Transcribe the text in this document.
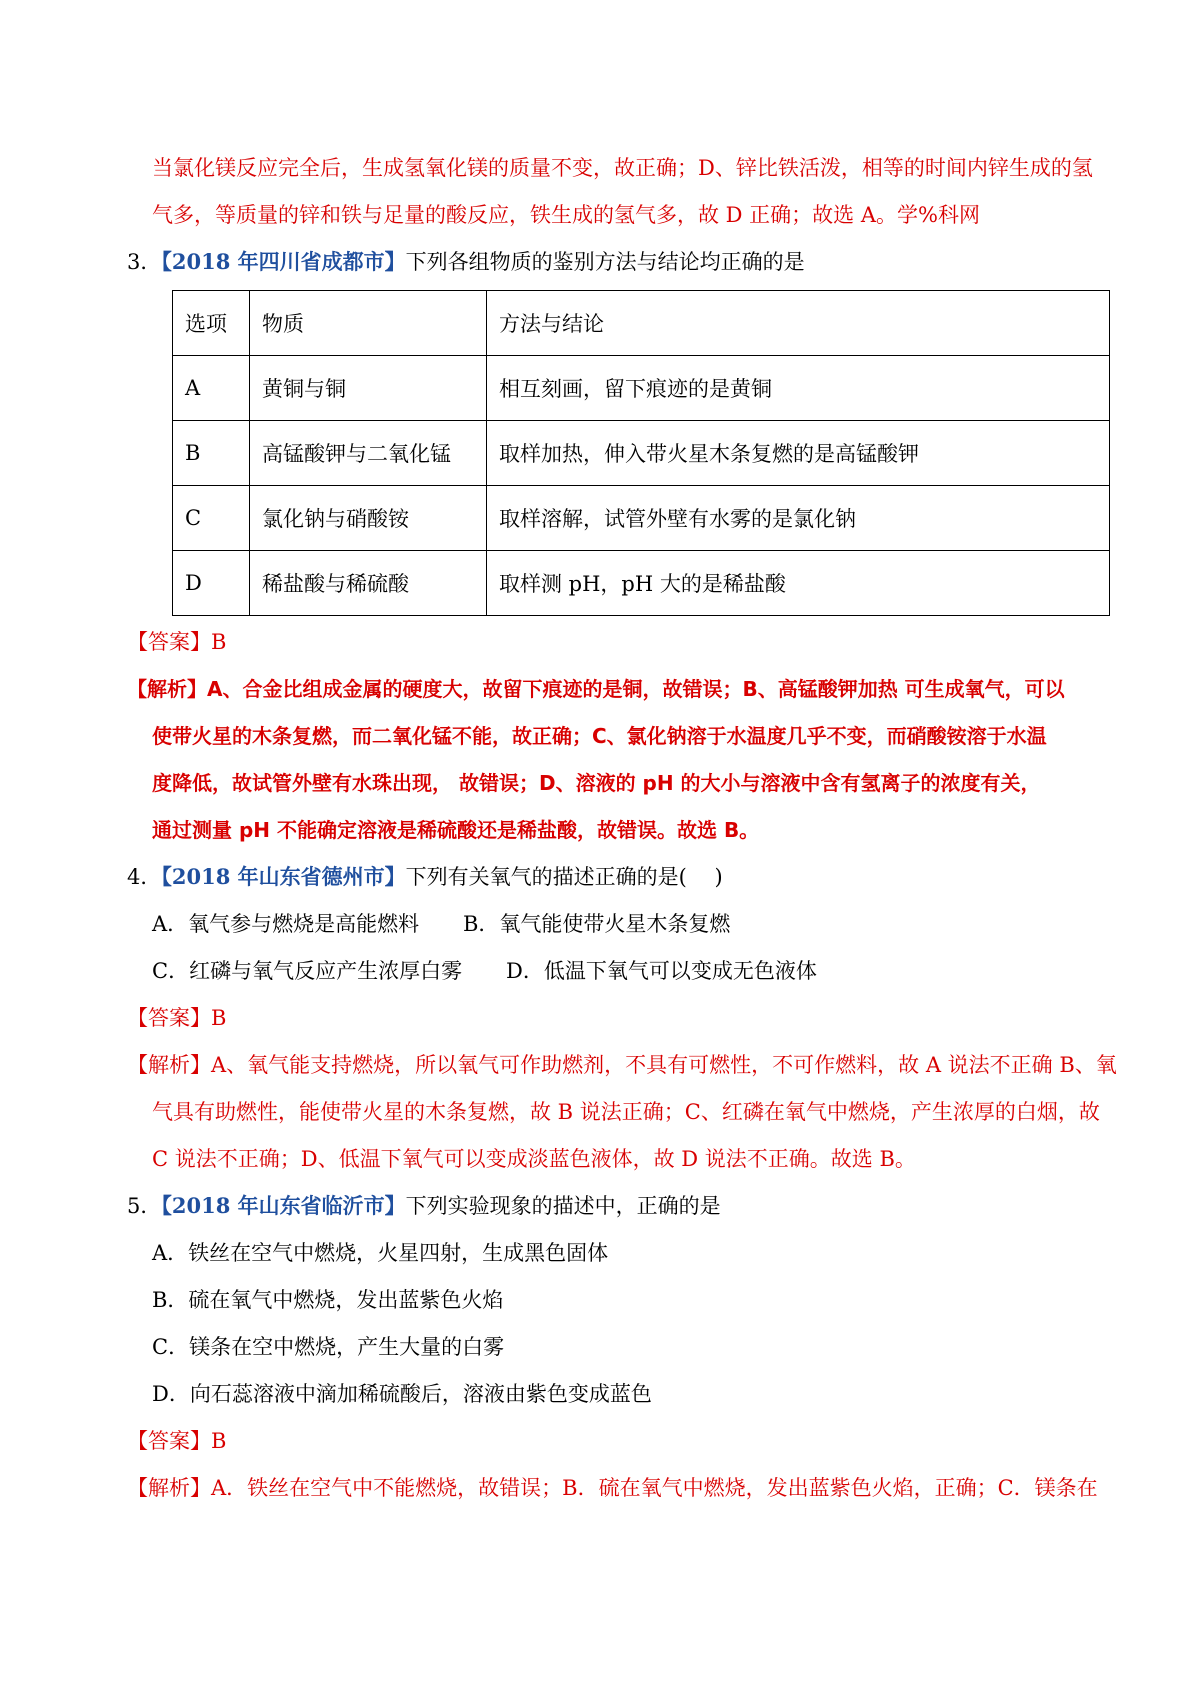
当氯化镁反应完全后，生成氢氧化镁的质量不变，故正确；D、锌比铁活泼，相等的时间内锌生成的氢
气多，等质量的锌和铁与足量的酸反应，铁生成的氢气多，故 D 正确；故选 A。学%科网
3．【2018 年四川省成都市】下列各组物质的鉴别方法与结论均正确的是
选项	物质	方法与结论
A	黄铜与铜	相互刻画，留下痕迹的是黄铜
B	高锰酸钾与二氧化锰	取样加热，伸入带火星木条复燃的是高锰酸钾
C	氯化钠与硝酸铵	取样溶解，试管外壁有水雾的是氯化钠
D	稀盐酸与稀硫酸	取样测 pH，pH 大的是稀盐酸
【答案】B
【解析】A、合金比组成金属的硬度大，故留下痕迹的是铜，故错误；B、高锰酸钾加热 可生成氧气，可以
使带火星的木条复燃，而二氧化锰不能，故正确；C、氯化钠溶于水温度几乎不变，而硝酸铵溶于水温
度降低，故试管外壁有水珠出现， 故错误；D、溶液的 pH 的大小与溶液中含有氢离子的浓度有关，
通过测量 pH 不能确定溶液是稀硫酸还是稀盐酸，故错误。故选 B。
4．【2018 年山东省德州市】下列有关氧气的描述正确的是(　 )
A．氧气参与燃烧是高能燃料 B．氧气能使带火星木条复燃
C．红磷与氧气反应产生浓厚白雾 D．低温下氧气可以变成无色液体
【答案】B
【解析】A、氧气能支持燃烧，所以氧气可作助燃剂，不具有可燃性，不可作燃料，故 A 说法不正确 B、氧
气具有助燃性，能使带火星的木条复燃，故 B 说法正确；C、红磷在氧气中燃烧，产生浓厚的白烟，故
C 说法不正确；D、低温下氧气可以变成淡蓝色液体，故 D 说法不正确。故选 B。
5．【2018 年山东省临沂市】下列实验现象的描述中，正确的是
A．铁丝在空气中燃烧，火星四射，生成黑色固体
B．硫在氧气中燃烧，发出蓝紫色火焰
C．镁条在空中燃烧，产生大量的白雾
D．向石蕊溶液中滴加稀硫酸后，溶液由紫色变成蓝色
【答案】B
【解析】A．铁丝在空气中不能燃烧，故错误；B．硫在氧气中燃烧，发出蓝紫色火焰，正确；C．镁条在
